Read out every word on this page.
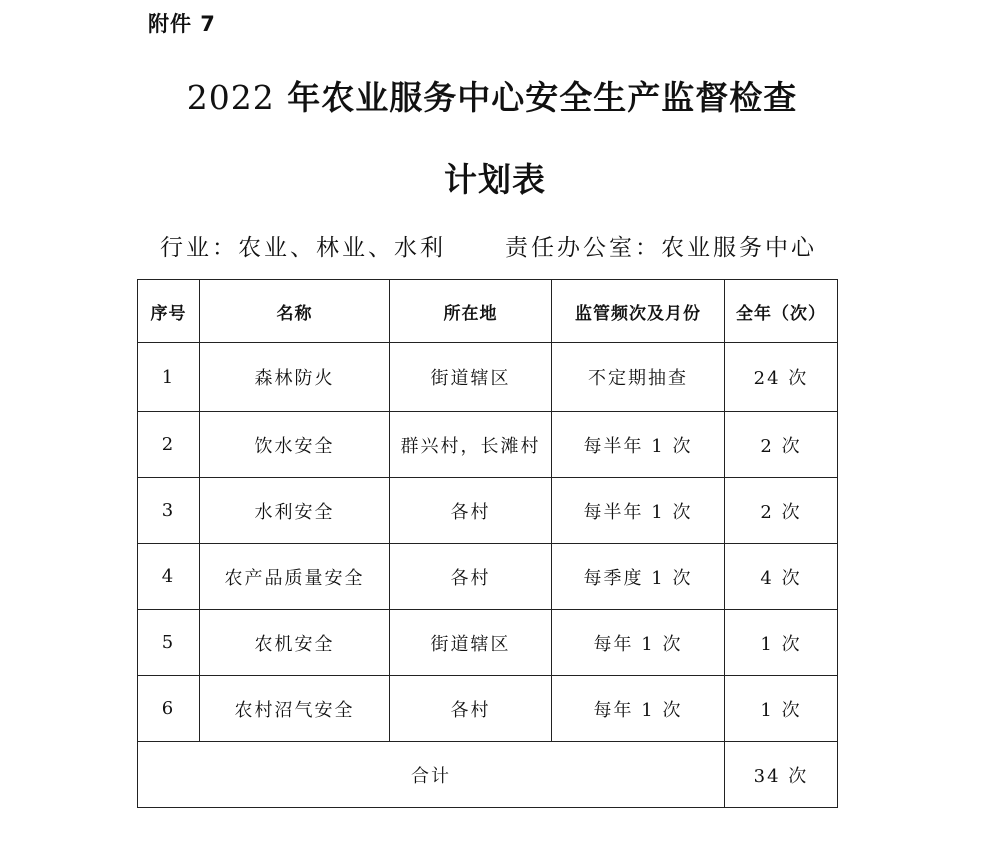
附件 7
2022 年农业服务中心安全生产监督检查
计划表
行业：农业、林业、水利	责任办公室：农业服务中心
序号	名称	所在地	监管频次及月份	全年（次）
1	森林防火	街道辖区	不定期抽查	24 次
2	饮水安全	群兴村，长滩村	每半年 1 次	2 次
3	水利安全	各村	每半年 1 次	2 次
4	农产品质量安全	各村	每季度 1 次	4 次
5	农机安全	街道辖区	每年 1 次	1 次
6	农村沼气安全	各村	每年 1 次	1 次
合计				34 次
